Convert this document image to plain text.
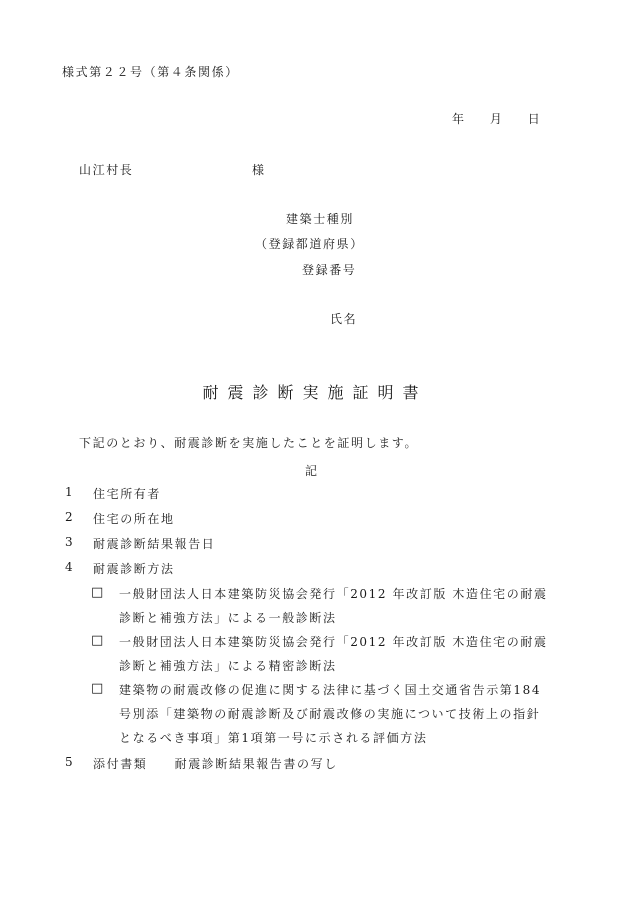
様式第２２号（第４条関係）
年 月 日
山江村長	様
建築士種別
（登録都道府県）
登録番号
氏名
耐震診断実施証明書
下記のとおり、耐震診断を実施したことを証明します。
記
1 住宅所有者
2 住宅の所在地
3 耐震診断結果報告日
4 耐震診断方法
□ 一般財団法人日本建築防災協会発行「2012 年改訂版 木造住宅の耐震
診断と補強方法」による一般診断法
□ 一般財団法人日本建築防災協会発行「2012 年改訂版 木造住宅の耐震
診断と補強方法」による精密診断法
□ 建築物の耐震改修の促進に関する法律に基づく国土交通省告示第184
号別添「建築物の耐震診断及び耐震改修の実施について技術上の指針
となるべき事項」第1項第一号に示される評価方法
5 添付書類　　耐震診断結果報告書の写し
